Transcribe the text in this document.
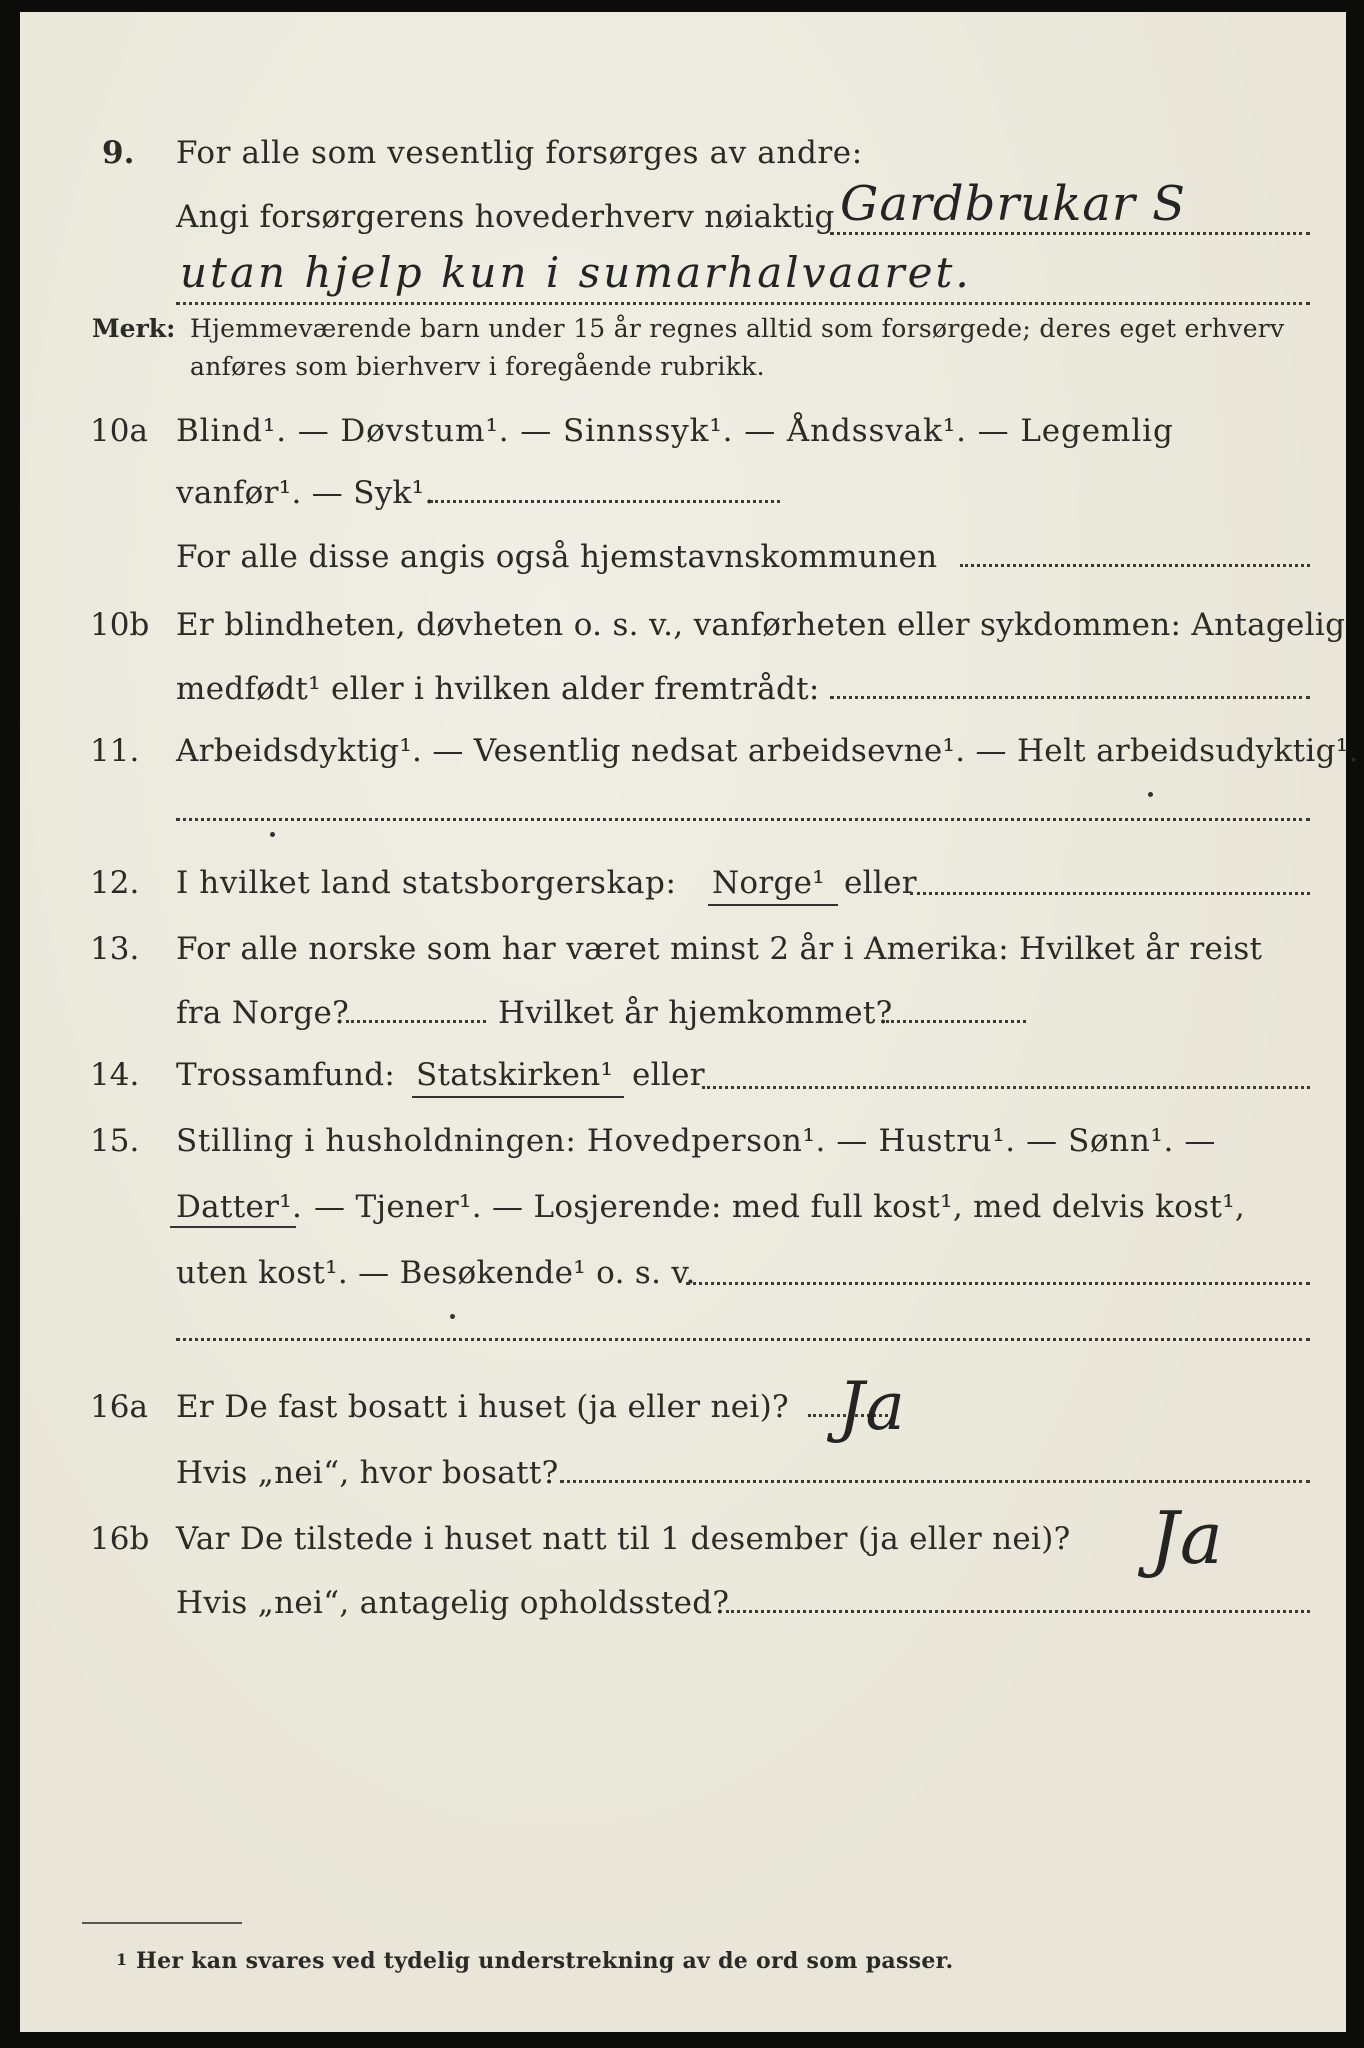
9. For alle som vesentlig forsørges av andre:
Angi forsørgerens hovederhverv nøiaktig Gardbrukar S
utan hjelp kun i sumarhalvaaret.
Merk: Hjemmeværende barn under 15 år regnes alltid som forsørgede; deres eget erhverv
anføres som bierhverv i foregående rubrikk.
10a Blind¹. — Døvstum¹. — Sinnssyk¹. — Åndssvak¹. — Legemlig
vanfør¹. — Syk¹.
For alle disse angis også hjemstavnskommunen
10b Er blindheten, døvheten o. s. v., vanførheten eller sykdommen: Antagelig
medfødt¹ eller i hvilken alder fremtrådt:
11. Arbeidsdyktig¹. — Vesentlig nedsat arbeidsevne¹. — Helt arbeidsudyktig¹.
12. I hvilket land statsborgerskap: Norge¹ eller
13. For alle norske som har været minst 2 år i Amerika: Hvilket år reist
fra Norge?	Hvilket år hjemkommet?
14. Trossamfund: Statskirken¹ eller
15. Stilling i husholdningen: Hovedperson¹. — Hustru¹. — Sønn¹. —
Datter¹. — Tjener¹. — Losjerende: med full kost¹, med delvis kost¹,
uten kost¹. — Besøkende¹ o. s. v.
16a Er De fast bosatt i huset (ja eller nei)? Ja
Hvis „nei“, hvor bosatt?
16b Var De tilstede i huset natt til 1 desember (ja eller nei)? Ja
Hvis „nei“, antagelig opholdssted?
1 Her kan svares ved tydelig understrekning av de ord som passer.
